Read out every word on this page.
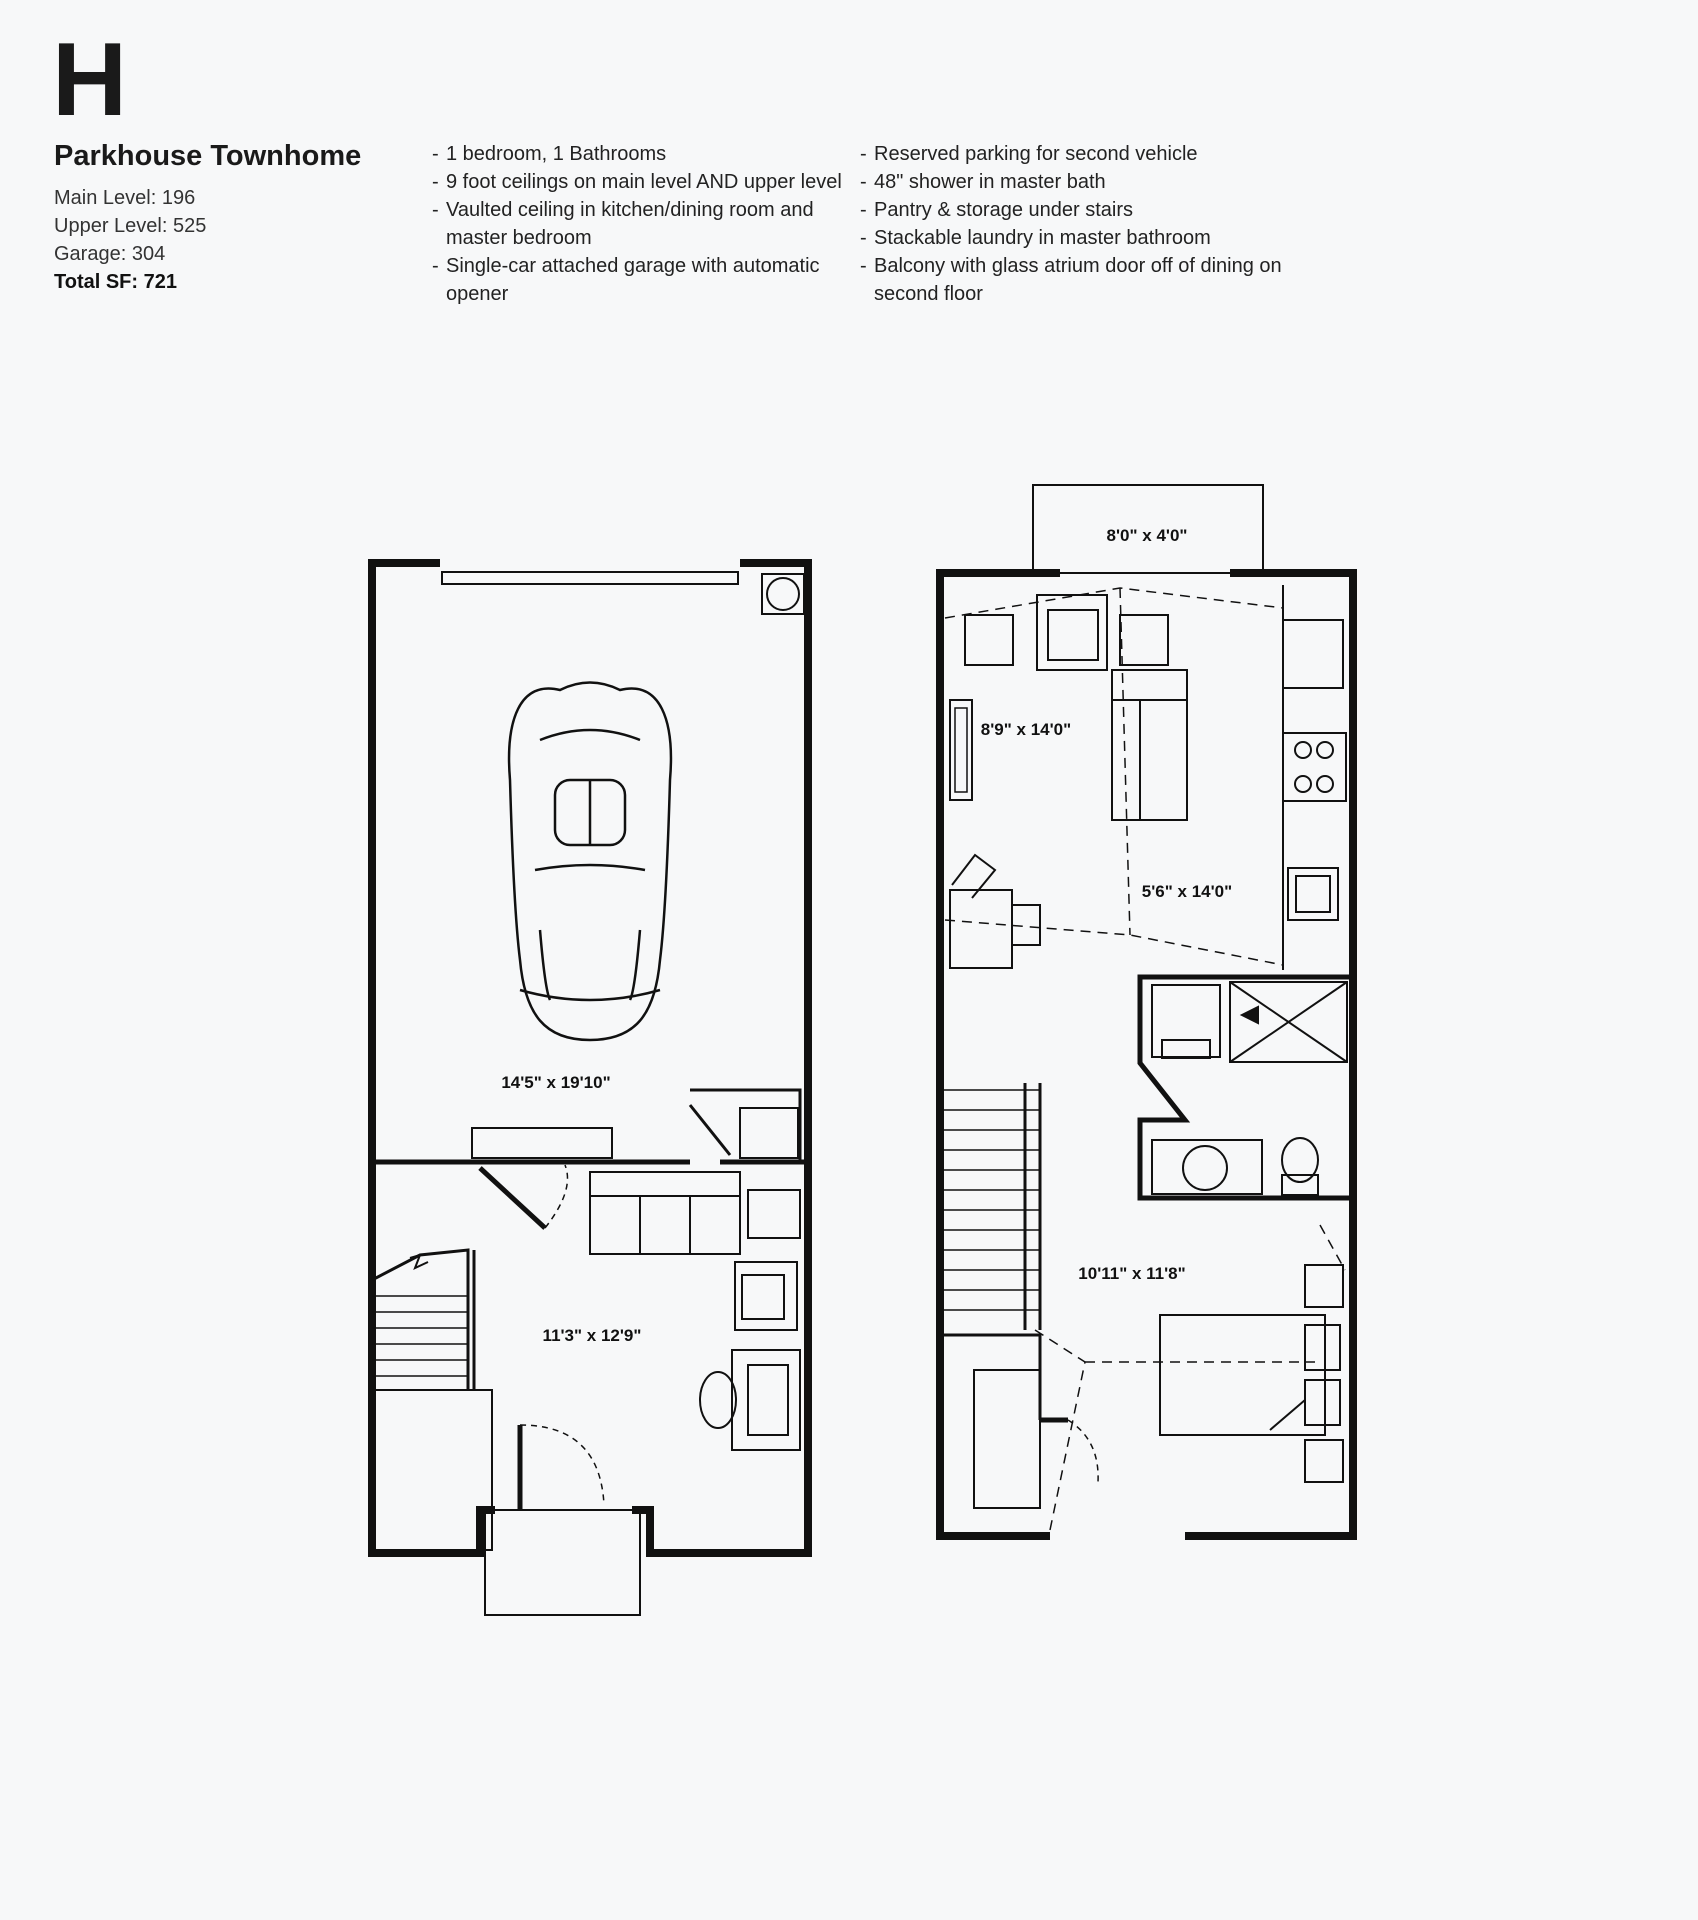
H
Parkhouse Townhome
Main Level: 196
Upper Level: 525
Garage: 304
Total SF: 721
- 1 bedroom, 1 Bathrooms
- 9 foot ceilings on main level AND upper level
- Vaulted ceiling in kitchen/dining room and master bedroom
- Single-car attached garage with automatic opener
- Reserved parking for second vehicle
- 48" shower in master bath
- Pantry & storage under stairs
- Stackable laundry in master bathroom
- Balcony with glass atrium door off of dining on second floor
14'5" x 19'10"
11'3" x 12'9"
8'0" x 4'0"
8'9" x 14'0"
5'6" x 14'0"
10'11" x 11'8"
